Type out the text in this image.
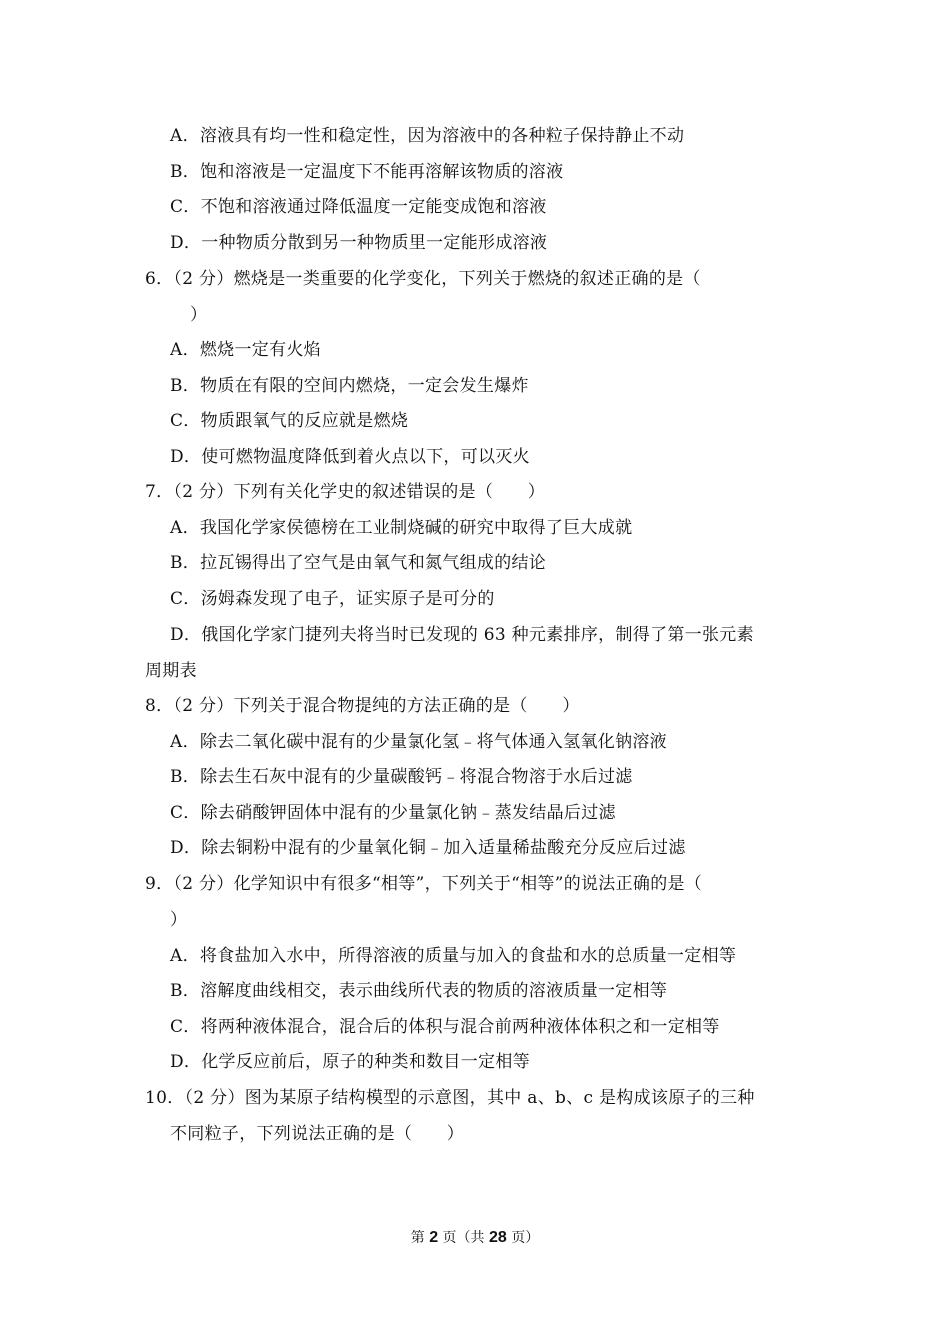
A．溶液具有均一性和稳定性，因为溶液中的各种粒子保持静止不动
B．饱和溶液是一定温度下不能再溶解该物质的溶液
C．不饱和溶液通过降低温度一定能变成饱和溶液
D．一种物质分散到另一种物质里一定能形成溶液
6．（2 分）燃烧是一类重要的化学变化，下列关于燃烧的叙述正确的是（
）
A．燃烧一定有火焰
B．物质在有限的空间内燃烧，一定会发生爆炸
C．物质跟氧气的反应就是燃烧
D．使可燃物温度降低到着火点以下，可以灭火
7．（2 分）下列有关化学史的叙述错误的是（　　）
A．我国化学家侯德榜在工业制烧碱的研究中取得了巨大成就
B．拉瓦锡得出了空气是由氧气和氮气组成的结论
C．汤姆森发现了电子，证实原子是可分的
D．俄国化学家门捷列夫将当时已发现的 63 种元素排序，制得了第一张元素
周期表
8．（2 分）下列关于混合物提纯的方法正确的是（　　）
A．除去二氧化碳中混有的少量氯化氢﹣将气体通入氢氧化钠溶液
B．除去生石灰中混有的少量碳酸钙﹣将混合物溶于水后过滤
C．除去硝酸钾固体中混有的少量氯化钠﹣蒸发结晶后过滤
D．除去铜粉中混有的少量氧化铜﹣加入适量稀盐酸充分反应后过滤
9．（2 分）化学知识中有很多“相等”，下列关于“相等”的说法正确的是（
）
A．将食盐加入水中，所得溶液的质量与加入的食盐和水的总质量一定相等
B．溶解度曲线相交，表示曲线所代表的物质的溶液质量一定相等
C．将两种液体混合，混合后的体积与混合前两种液体体积之和一定相等
D．化学反应前后，原子的种类和数目一定相等
10．（2 分）图为某原子结构模型的示意图，其中 a、b、c 是构成该原子的三种
不同粒子，下列说法正确的是（　　）
第 2 页（共 28 页）
